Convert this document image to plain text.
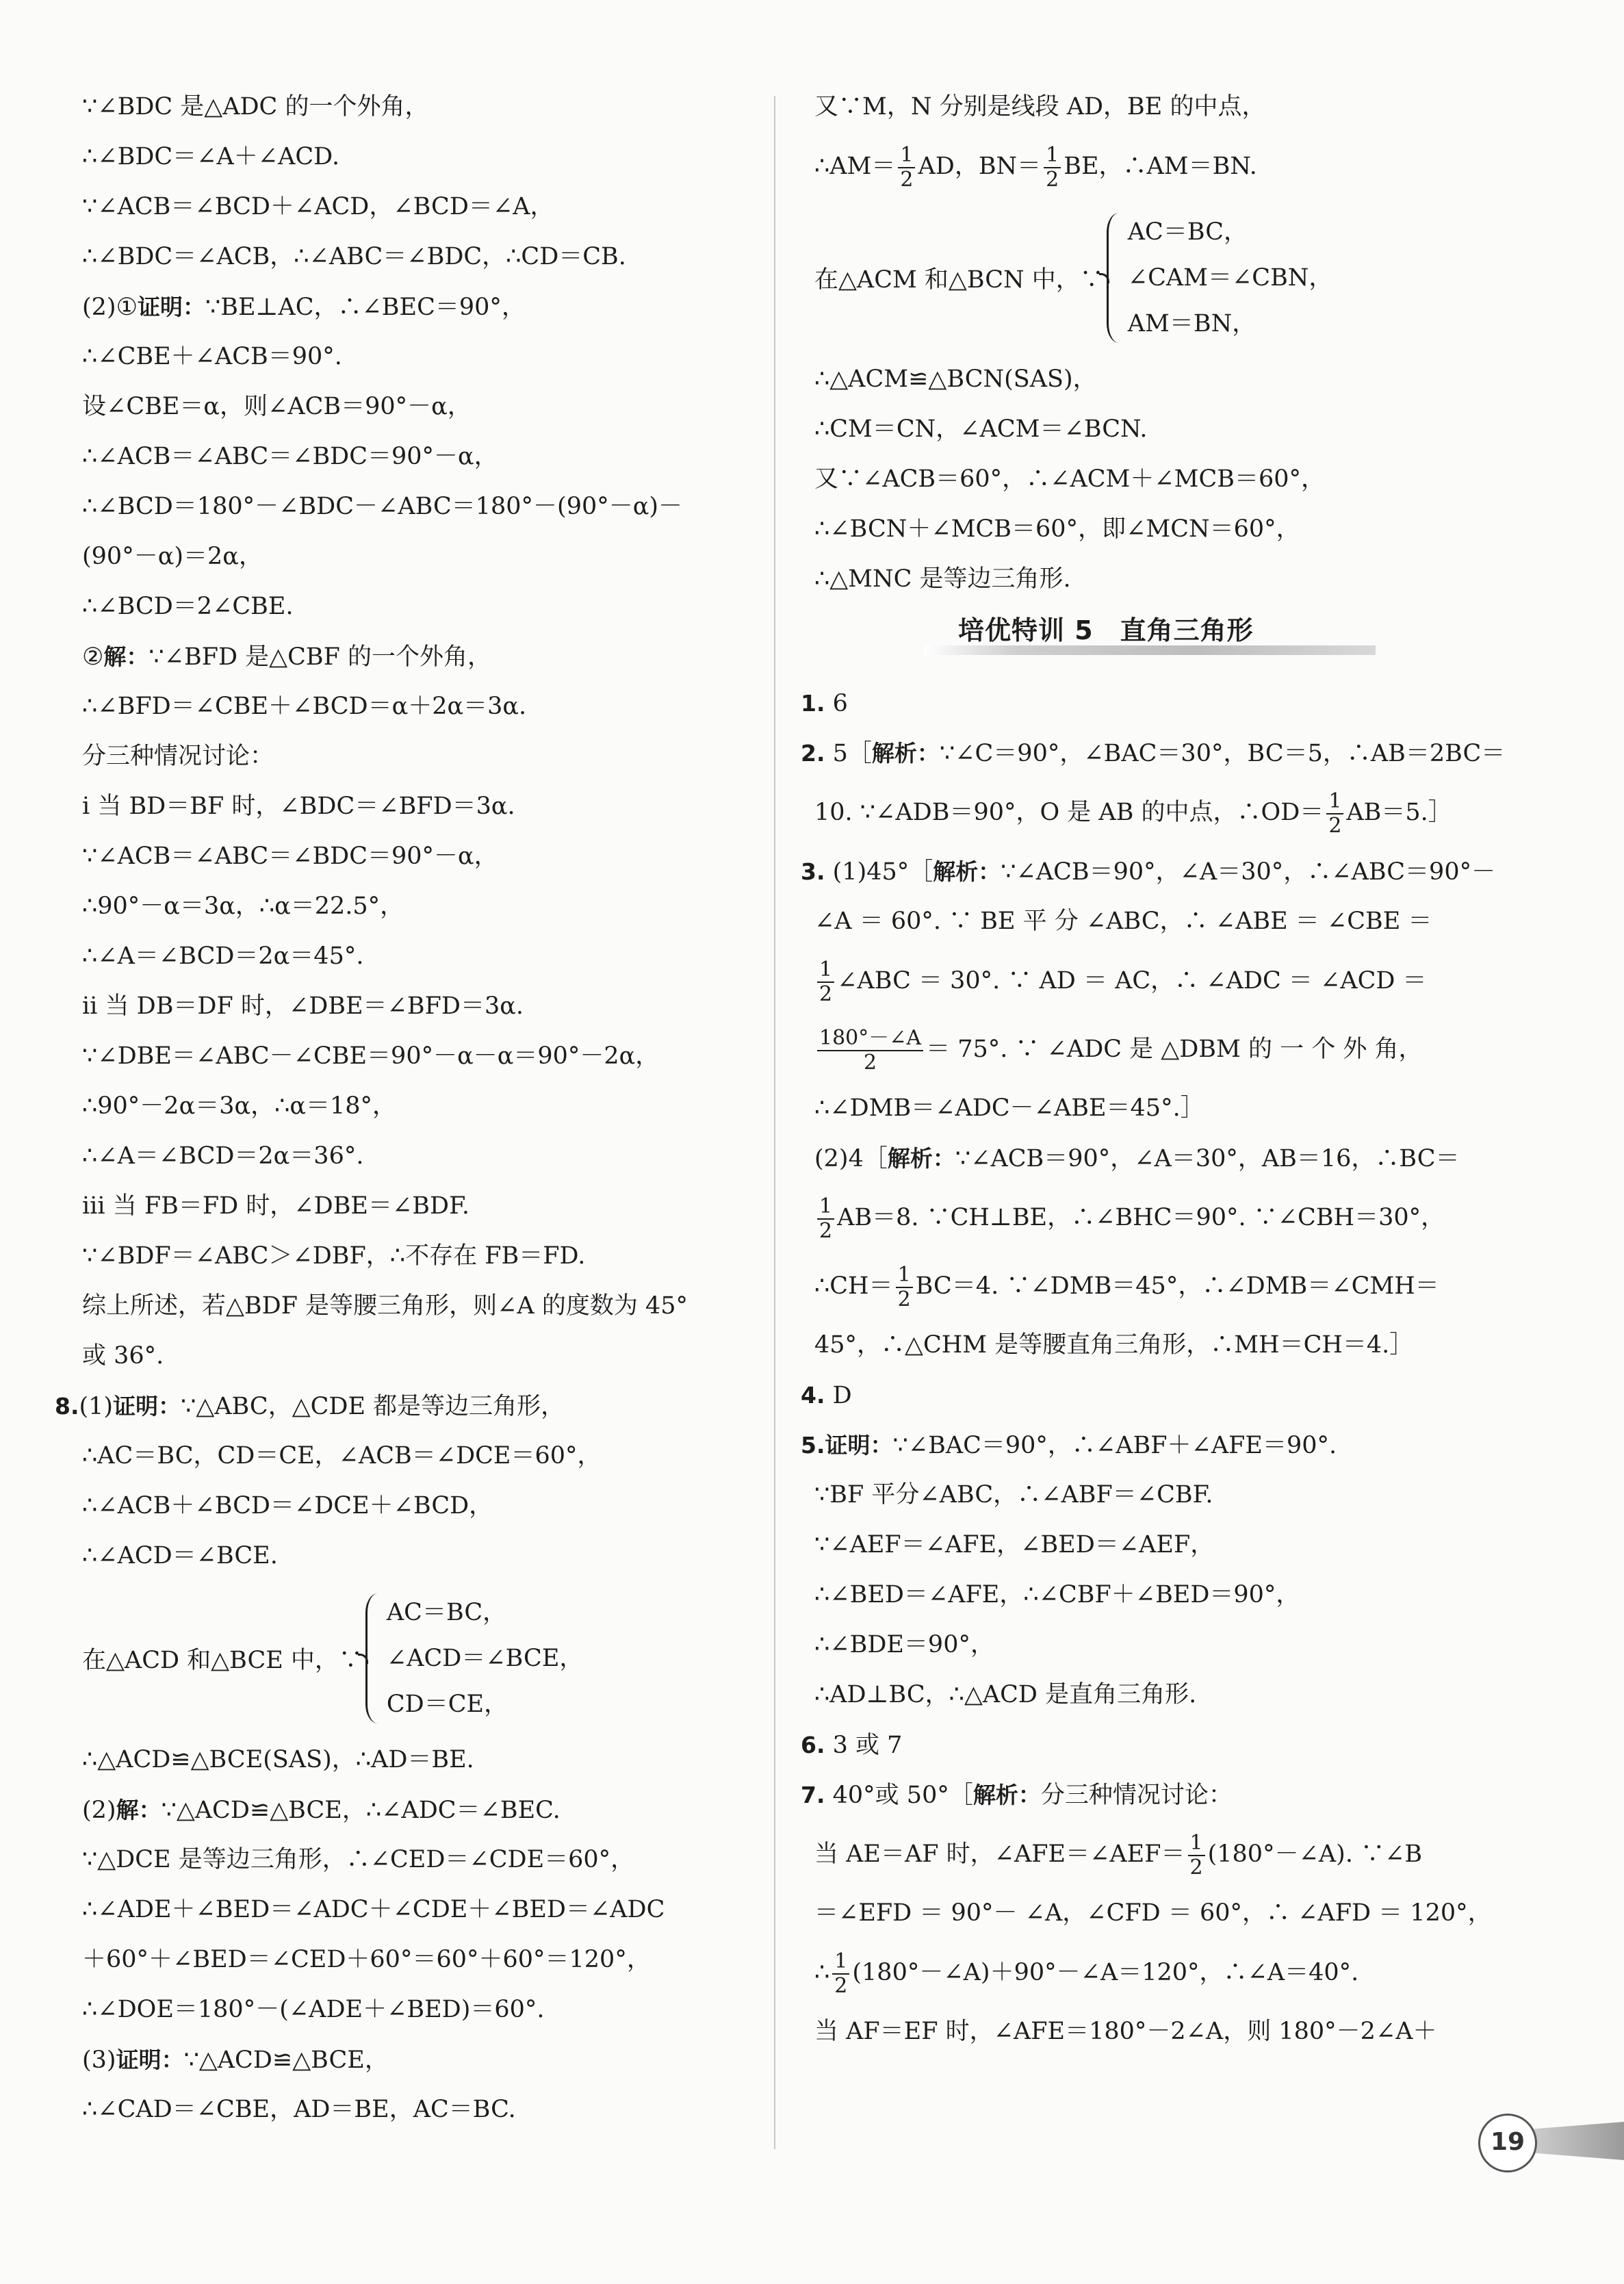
∵∠BDC 是△ADC 的一个外角，
∴∠BDC＝∠A＋∠ACD.
∵∠ACB＝∠BCD＋∠ACD，∠BCD＝∠A，
∴∠BDC＝∠ACB，∴∠ABC＝∠BDC，∴CD＝CB.
(2)①证明：∵BE⊥AC，∴∠BEC＝90°，
∴∠CBE＋∠ACB＝90°.
设∠CBE＝α，则∠ACB＝90°－α，
∴∠ACB＝∠ABC＝∠BDC＝90°－α，
∴∠BCD＝180°－∠BDC－∠ABC＝180°－(90°－α)－
(90°－α)＝2α，
∴∠BCD＝2∠CBE.
②解：∵∠BFD 是△CBF 的一个外角，
∴∠BFD＝∠CBE＋∠BCD＝α＋2α＝3α.
分三种情况讨论：
ⅰ 当 BD＝BF 时，∠BDC＝∠BFD＝3α.
∵∠ACB＝∠ABC＝∠BDC＝90°－α，
∴90°－α＝3α，∴α＝22.5°，
∴∠A＝∠BCD＝2α＝45°.
ⅱ 当 DB＝DF 时，∠DBE＝∠BFD＝3α.
∵∠DBE＝∠ABC－∠CBE＝90°－α－α＝90°－2α，
∴90°－2α＝3α，∴α＝18°，
∴∠A＝∠BCD＝2α＝36°.
ⅲ 当 FB＝FD 时，∠DBE＝∠BDF.
∵∠BDF＝∠ABC＞∠DBF，∴不存在 FB＝FD.
综上所述，若△BDF 是等腰三角形，则∠A 的度数为 45°
或 36°.
8.(1)证明：∵△ABC，△CDE 都是等边三角形，
∴AC＝BC，CD＝CE，∠ACB＝∠DCE＝60°，
∴∠ACB＋∠BCD＝∠DCE＋∠BCD，
∴∠ACD＝∠BCE.
在△ACD 和△BCE 中，∵
AC＝BC，
∠ACD＝∠BCE，
CD＝CE，
∴△ACD≌△BCE(SAS)，∴AD＝BE.
(2)解：∵△ACD≌△BCE，∴∠ADC＝∠BEC.
∵△DCE 是等边三角形，∴∠CED＝∠CDE＝60°，
∴∠ADE＋∠BED＝∠ADC＋∠CDE＋∠BED＝∠ADC
＋60°＋∠BED＝∠CED＋60°＝60°＋60°＝120°，
∴∠DOE＝180°－(∠ADE＋∠BED)＝60°.
(3)证明：∵△ACD≌△BCE，
∴∠CAD＝∠CBE，AD＝BE，AC＝BC.
又∵M，N 分别是线段 AD，BE 的中点，
∴AM＝ $\frac{1}{2}$ AD，$BN= \frac{1}{2}$ BE，∴AM＝BN.
在△ACM 和△BCN 中，∵
AC＝BC，
∠CAM＝∠CBN，
AM＝BN，
∴△ACM≌△BCN(SAS)，
∴CM＝CN，∠ACM＝∠BCN.
又∵∠ACB＝60°，∴∠ACM＋∠MCB＝60°，
∴∠BCN＋∠MCB＝60°，即∠MCN＝60°，
∴△MNC 是等边三角形.
培优特训 5　直角三角形
1. 6
2. 5［解析：∵∠C＝90°，∠BAC＝30°，BC＝5，∴AB＝2BC＝
10. ∵∠ADB＝90°，O 是 AB 的中点，∴OD＝ $\frac{1}{2}$ AB＝5.］
3. (1)45°［解析：∵∠ACB＝90°，∠A＝30°，∴∠ABC＝90°－
∠A ＝ 60°. ∵ BE 平 分 ∠ABC，∴ ∠ABE ＝ ∠CBE ＝
$\frac{1}{2}$ ∠ABC ＝ 30°. ∵ AD ＝ AC，∴ ∠ADC ＝ ∠ACD ＝
$\frac{180^\circ-\angle A}{2} = 75^\circ$. ∵ ∠ADC 是 △DBM 的 一 个 外 角，
∴∠DMB＝∠ADC－∠ABE＝45°.］
(2)4［解析：∵∠ACB＝90°，∠A＝30°，AB＝16，∴BC＝
$\frac{1}{2} AB=8$. ∵CH⊥BE，∴∠BHC＝90°. ∵∠CBH＝30°，
∴CH＝ $\frac{1}{2} BC=4$. ∵∠DMB＝45°，∴∠DMB＝∠CMH＝
45°，∴△CHM 是等腰直角三角形，∴MH＝CH＝4.］
4. D
5.证明：∵∠BAC＝90°，∴∠ABF＋∠AFE＝90°.
∵BF 平分∠ABC，∴∠ABF＝∠CBF.
∵∠AEF＝∠AFE，∠BED＝∠AEF，
∴∠BED＝∠AFE，∴∠CBF＋∠BED＝90°，
∴∠BDE＝90°，
∴AD⊥BC，∴△ACD 是直角三角形.
6. 3 或 7
7. 40°或 50°［解析：分三种情况讨论：
当 AE＝AF 时，∠AFE＝∠AEF＝ $\frac{1}{2}$ (180°－∠A). ∵∠B
＝∠EFD ＝ 90°－ ∠A，∠CFD ＝ 60°，∴ ∠AFD ＝ 120°，
∴ $\frac{1}{2}$ (180°－∠A)＋90°－∠A＝120°，∴∠A＝40°.
当 AF＝EF 时，∠AFE＝180°－2∠A，则 180°－2∠A＋
19
